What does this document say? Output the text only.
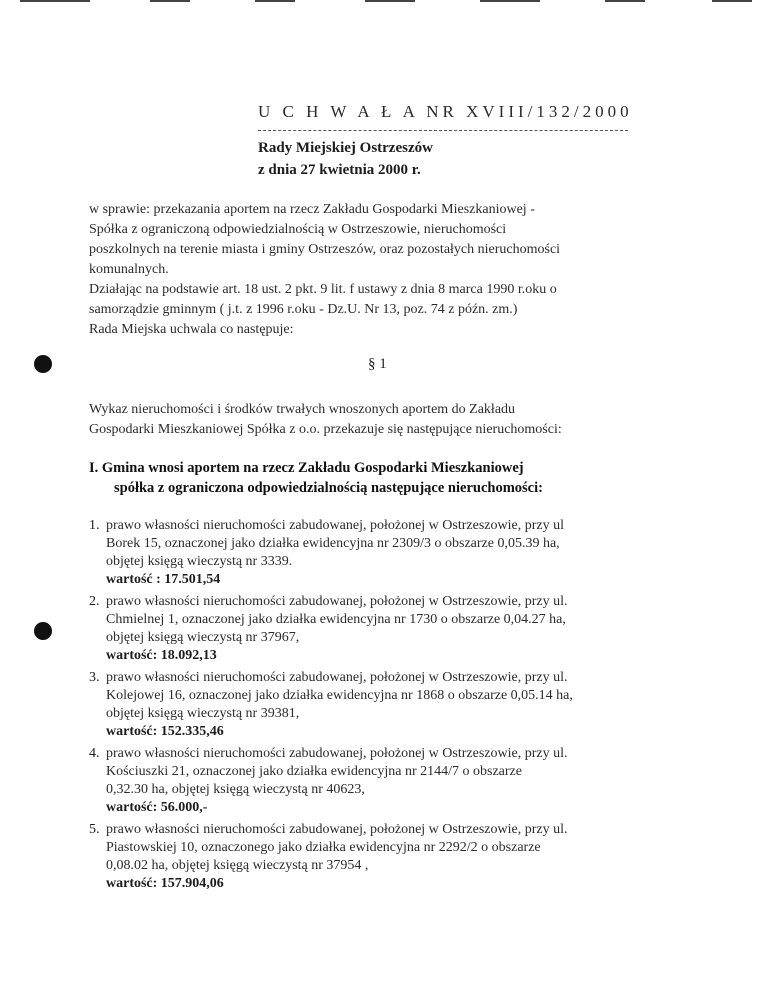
U C H W A Ł A NR XVIII/132/2000
Rady Miejskiej Ostrzeszów
z dnia 27 kwietnia 2000 r.
w sprawie: przekazania aportem na rzecz Zakładu Gospodarki Mieszkaniowej -
Spółka z ograniczoną odpowiedzialnością w Ostrzeszowie, nieruchomości
poszkolnych na terenie miasta i gminy Ostrzeszów, oraz pozostałych nieruchomości
komunalnych.
Działając na podstawie art. 18 ust. 2 pkt. 9 lit. f ustawy z dnia 8 marca 1990 r.oku o
samorządzie gminnym ( j.t. z 1996 r.oku - Dz.U. Nr 13, poz. 74 z późn. zm.)
Rada Miejska uchwala co następuje:
§ 1
Wykaz nieruchomości i środków trwałych wnoszonych aportem do Zakładu
Gospodarki Mieszkaniowej Spółka z o.o. przekazuje się następujące nieruchomości:
I. Gmina wnosi aportem na rzecz Zakładu Gospodarki Mieszkaniowej
spółka z ograniczona odpowiedzialnością następujące nieruchomości:
1. prawo własności nieruchomości zabudowanej, położonej w Ostrzeszowie, przy ul
Borek 15, oznaczonej jako działka ewidencyjna nr 2309/3 o obszarze 0,05.39 ha,
objętej księgą wieczystą nr 3339.
wartość : 17.501,54
2. prawo własności nieruchomości zabudowanej, położonej w Ostrzeszowie, przy ul.
Chmielnej 1, oznaczonej jako działka ewidencyjna nr 1730 o obszarze 0,04.27 ha,
objętej księgą wieczystą nr 37967,
wartość: 18.092,13
3. prawo własności nieruchomości zabudowanej, położonej w Ostrzeszowie, przy ul.
Kolejowej 16, oznaczonej jako działka ewidencyjna nr 1868 o obszarze 0,05.14 ha,
objętej księgą wieczystą nr 39381,
wartość: 152.335,46
4. prawo własności nieruchomości zabudowanej, położonej w Ostrzeszowie, przy ul.
Kościuszki 21, oznaczonej jako działka ewidencyjna nr 2144/7 o obszarze
0,32.30 ha, objętej księgą wieczystą nr 40623,
wartość: 56.000,-
5. prawo własności nieruchomości zabudowanej, położonej w Ostrzeszowie, przy ul.
Piastowskiej 10, oznaczonego jako działka ewidencyjna nr 2292/2 o obszarze
0,08.02 ha, objętej księgą wieczystą nr 37954 ,
wartość: 157.904,06
